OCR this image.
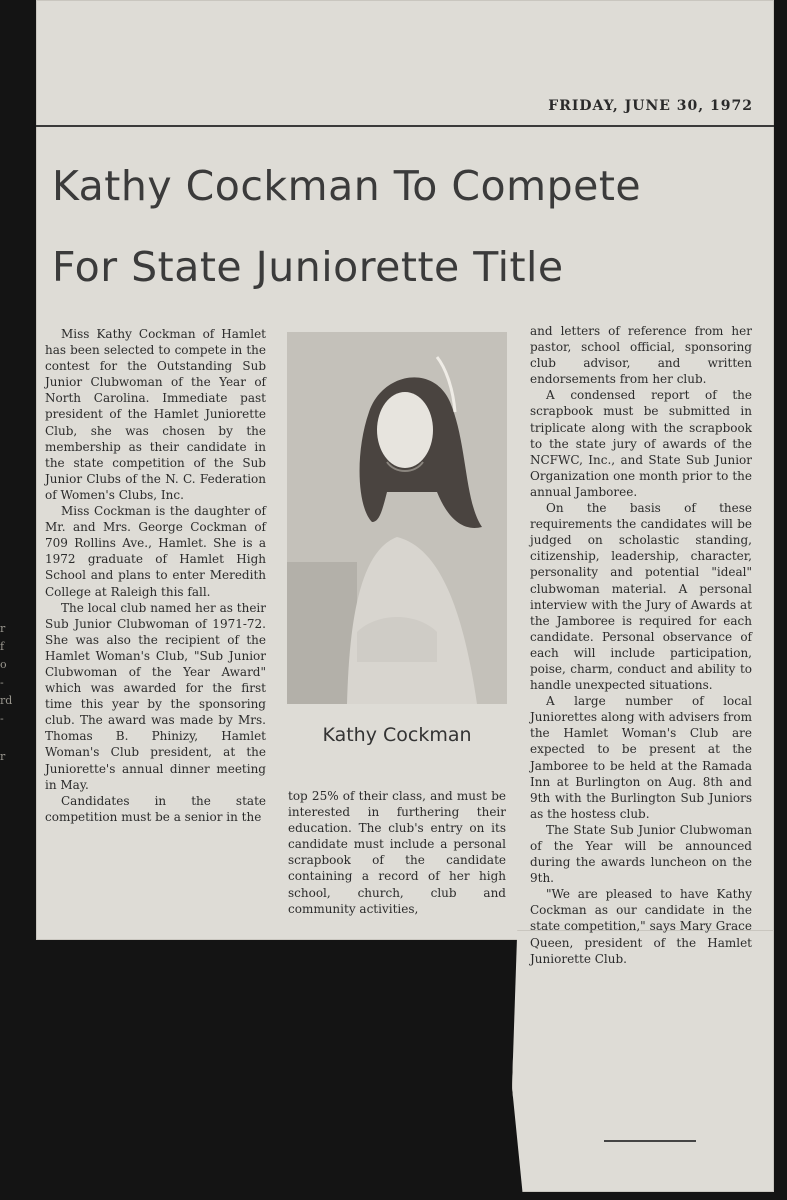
r
f
o
-
rd
-
r
FRIDAY, JUNE 30, 1972
Kathy Cockman To Compete
For State Juniorette Title

Miss Kathy Cockman of Hamlet has been selected to compete in the contest for the Outstanding Sub Junior Clubwoman of the Year of North Carolina. Immediate past president of the Hamlet Juniorette Club, she was chosen by the membership as their candidate in the state competition of the Sub Junior Clubs of the N. C. Federation of Women's Clubs, Inc.

Miss Cockman is the daughter of Mr. and Mrs. George Cockman of 709 Rollins Ave., Hamlet. She is a 1972 graduate of Hamlet High School and plans to enter Meredith College at Raleigh this fall.

The local club named her as their Sub Junior Clubwoman of 1971-72. She was also the recipient of the Hamlet Woman's Club, "Sub Junior Clubwoman of the Year Award" which was awarded for the first time this year by the sponsoring club. The award was made by Mrs. Thomas B. Phinizy, Hamlet Woman's Club president, at the Juniorette's annual dinner meeting in May.

Candidates in the state competition must be a senior in the

Kathy Cockman

top 25% of their class, and must be interested in furthering their education. The club's entry on its candidate must include a personal scrapbook of the candidate containing a record of her high school, church, club and community activities,

and letters of reference from her pastor, school official, sponsoring club advisor, and written endorsements from her club.

A condensed report of the scrapbook must be submitted in triplicate along with the scrapbook to the state jury of awards of the NCFWC, Inc., and State Sub Junior Organization one month prior to the annual Jamboree.

On the basis of these requirements the candidates will be judged on scholastic standing, citizenship, leadership, character, personality and potential "ideal" clubwoman material. A personal interview with the Jury of Awards at the Jamboree is required for each candidate. Personal observance of each will include participation, poise, charm, conduct and ability to handle unexpected situations.

A large number of local Juniorettes along with advisers from the Hamlet Woman's Club are expected to be present at the Jamboree to be held at the Ramada Inn at Burlington on Aug. 8th and 9th with the Burlington Sub Juniors as the hostess club.

The State Sub Junior Clubwoman of the Year will be announced during the awards luncheon on the 9th.

"We are pleased to have Kathy Cockman as our candidate in the state competition," says Mary Grace Queen, president of the Hamlet Juniorette Club.
